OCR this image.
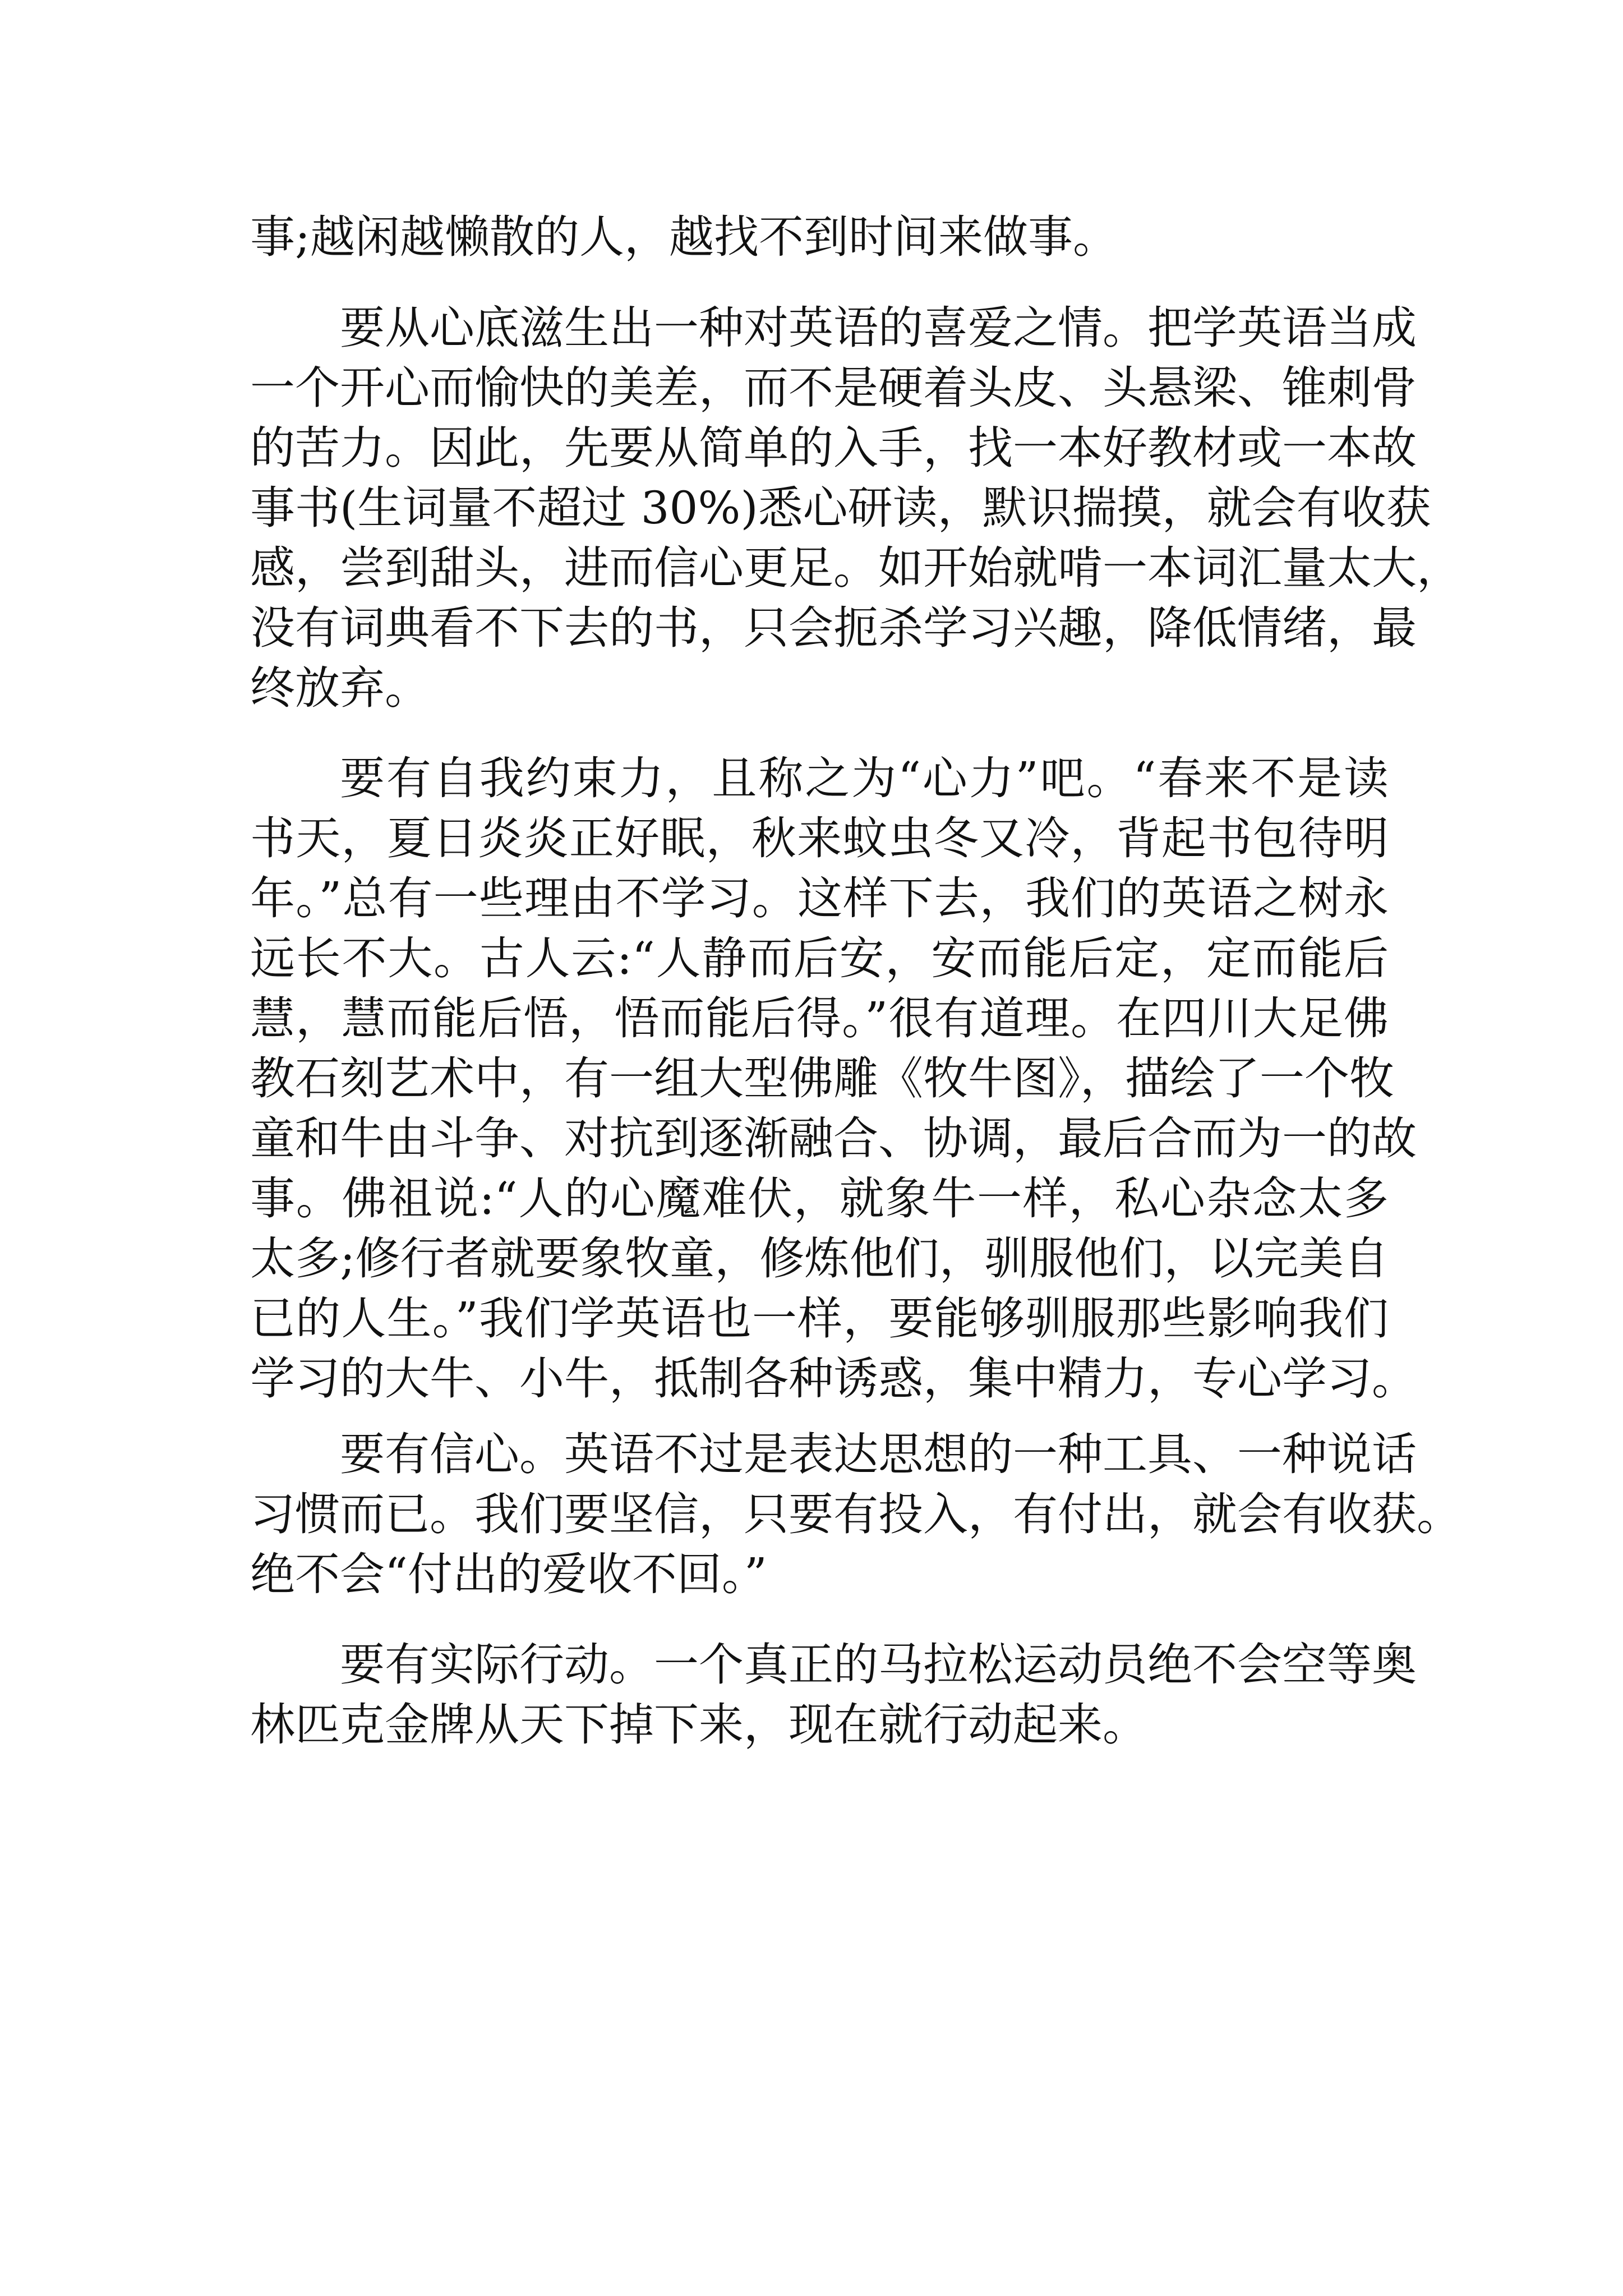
事;越闲越懒散的人，越找不到时间来做事。
要从心底滋生出一种对英语的喜爱之情。把学英语当成
一个开心而愉快的美差，而不是硬着头皮、头悬梁、锥刺骨
的苦力。因此，先要从简单的入手，找一本好教材或一本故
事书(生词量不超过 30%)悉心研读，默识揣摸，就会有收获
感，尝到甜头，进而信心更足。如开始就啃一本词汇量太大，
没有词典看不下去的书，只会扼杀学习兴趣，降低情绪，最
终放弃。
要有自我约束力，且称之为“心力”吧。“春来不是读
书天，夏日炎炎正好眠，秋来蚊虫冬又冷，背起书包待明
年。”总有一些理由不学习。这样下去，我们的英语之树永
远长不大。古人云:“人静而后安，安而能后定，定而能后
慧，慧而能后悟，悟而能后得。”很有道理。在四川大足佛
教石刻艺术中，有一组大型佛雕《牧牛图》，描绘了一个牧
童和牛由斗争、对抗到逐渐融合、协调，最后合而为一的故
事。佛祖说:“人的心魔难伏，就象牛一样，私心杂念太多
太多;修行者就要象牧童，修炼他们，驯服他们，以完美自
已的人生。”我们学英语也一样，要能够驯服那些影响我们
学习的大牛、小牛，抵制各种诱惑，集中精力，专心学习。
要有信心。英语不过是表达思想的一种工具、一种说话
习惯而已。我们要坚信，只要有投入，有付出，就会有收获。
绝不会“付出的爱收不回。”
要有实际行动。一个真正的马拉松运动员绝不会空等奥
林匹克金牌从天下掉下来，现在就行动起来。
